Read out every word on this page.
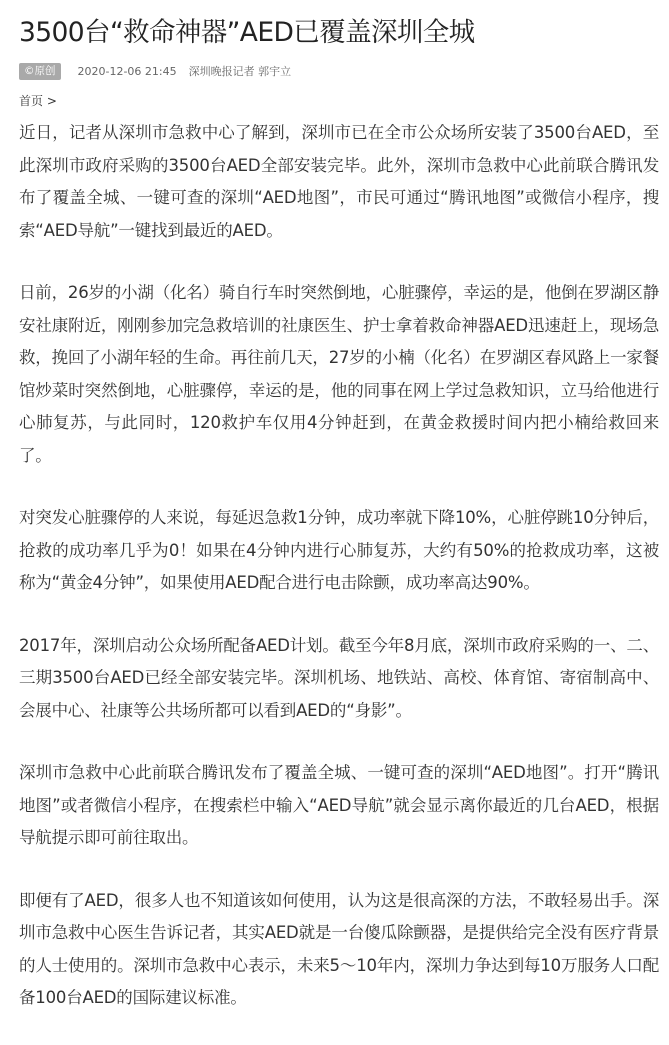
3500台“救命神器”AED已覆盖深圳全城
©原创	2020-12-06 21:45 深圳晚报记者 郭宇立
首页 >

近日，记者从深圳市急救中心了解到，深圳市已在全市公众场所安装了3500台AED，至此深圳市政府采购的3500台AED全部安装完毕。此外，深圳市急救中心此前联合腾讯发布了覆盖全城、一键可查的深圳“AED地图”，市民可通过“腾讯地图”或微信小程序，搜索“AED导航”一键找到最近的AED。

日前，26岁的小湖（化名）骑自行车时突然倒地，心脏骤停，幸运的是，他倒在罗湖区静安社康附近，刚刚参加完急救培训的社康医生、护士拿着救命神器AED迅速赶上，现场急救，挽回了小湖年轻的生命。再往前几天，27岁的小楠（化名）在罗湖区春风路上一家餐馆炒菜时突然倒地，心脏骤停，幸运的是，他的同事在网上学过急救知识，立马给他进行心肺复苏，与此同时，120救护车仅用4分钟赶到，在黄金救援时间内把小楠给救回来了。

对突发心脏骤停的人来说，每延迟急救1分钟，成功率就下降10%，心脏停跳10分钟后，抢救的成功率几乎为0！如果在4分钟内进行心肺复苏，大约有50%的抢救成功率，这被称为“黄金4分钟”，如果使用AED配合进行电击除颤，成功率高达90%。

2017年，深圳启动公众场所配备AED计划。截至今年8月底，深圳市政府采购的一、二、三期3500台AED已经全部安装完毕。深圳机场、地铁站、高校、体育馆、寄宿制高中、会展中心、社康等公共场所都可以看到AED的“身影”。

深圳市急救中心此前联合腾讯发布了覆盖全城、一键可查的深圳“AED地图”。打开“腾讯地图”或者微信小程序，在搜索栏中输入“AED导航”就会显示离你最近的几台AED，根据导航提示即可前往取出。

即便有了AED，很多人也不知道该如何使用，认为这是很高深的方法，不敢轻易出手。深圳市急救中心医生告诉记者，其实AED就是一台傻瓜除颤器，是提供给完全没有医疗背景的人士使用的。深圳市急救中心表示，未来5～10年内，深圳力争达到每10万服务人口配备100台AED的国际建议标准。
